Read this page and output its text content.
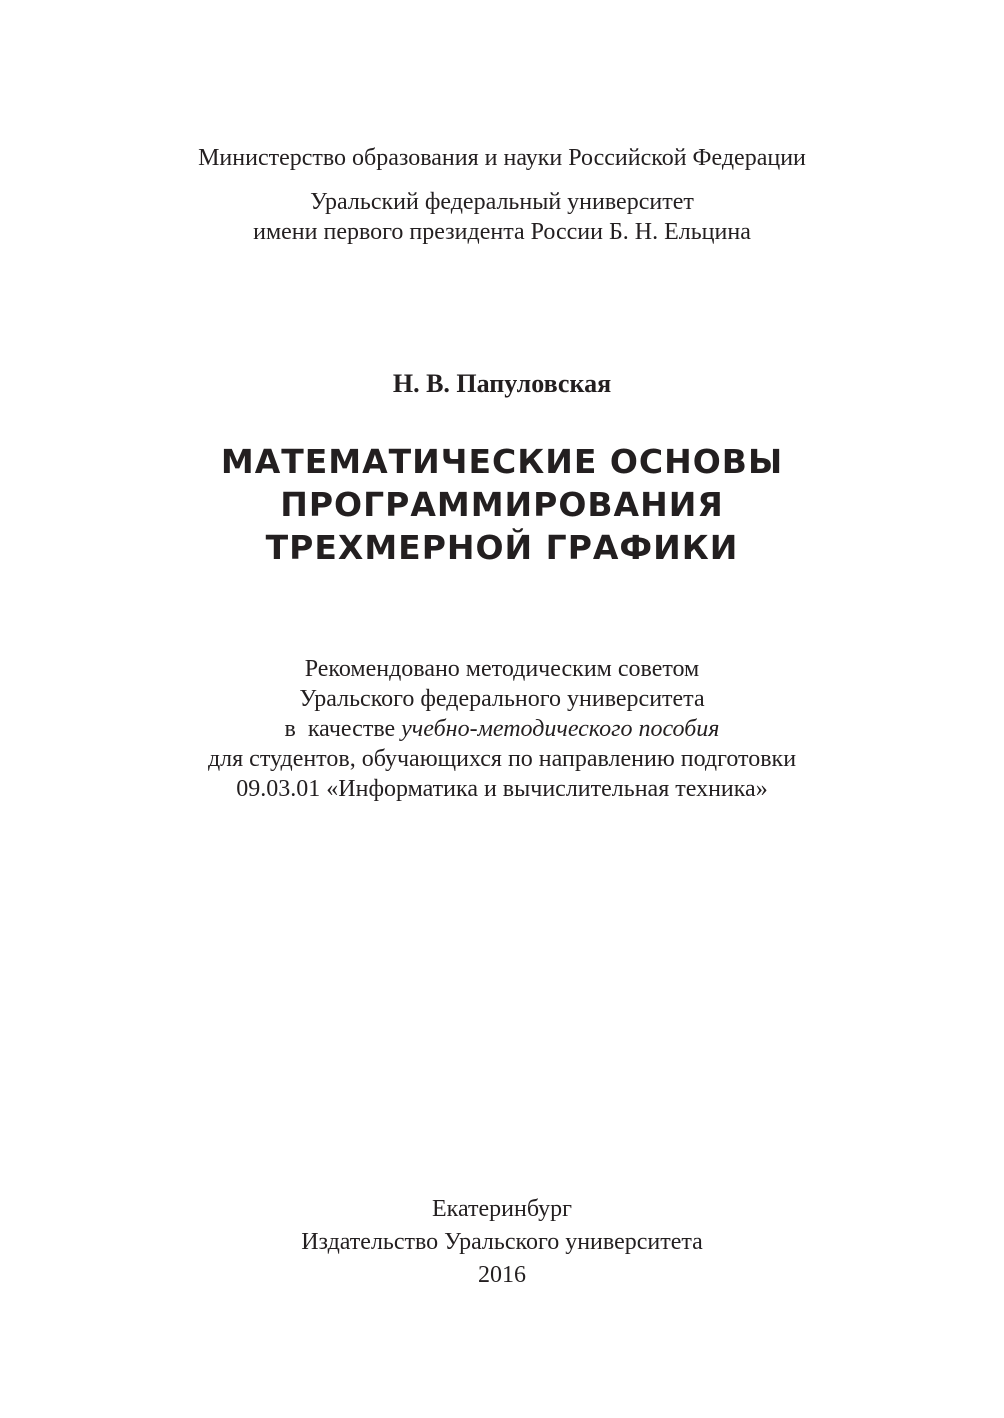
Министерство образования и науки Российской Федерации
Уральский федеральный университет
имени первого президента России Б. Н. Ельцина
Н. В. Папуловская
МАТЕМАТИЧЕСКИЕ ОСНОВЫ
ПРОГРАММИРОВАНИЯ
ТРЕХМЕРНОЙ ГРАФИКИ
Рекомендовано методическим советом
Уральского федерального университета
в  качестве учебно-методического пособия
для студентов, обучающихся по направлению подготовки
09.03.01 «Информатика и вычислительная техника»
Екатеринбург
Издательство Уральского университета
2016
